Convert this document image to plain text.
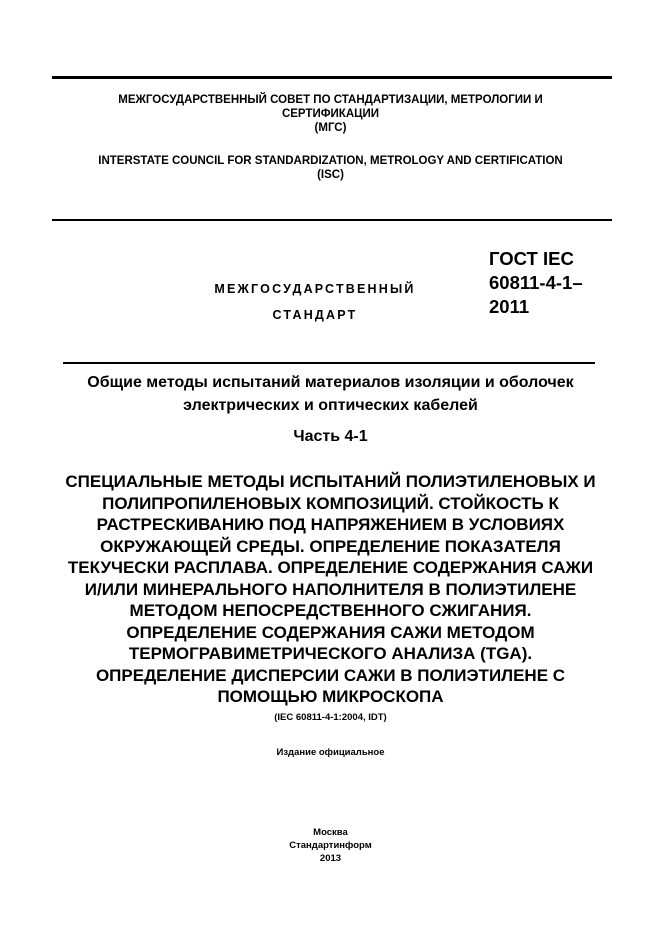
МЕЖГОСУДАРСТВЕННЫЙ СОВЕТ ПО СТАНДАРТИЗАЦИИ, МЕТРОЛОГИИ И
СЕРТИФИКАЦИИ
(МГС)
INTERSTATE COUNCIL FOR STANDARDIZATION, METROLOGY AND CERTIFICATION
(ISC)
МЕЖГОСУДАРСТВЕННЫЙ
СТАНДАРТ
ГОСТ IEC
60811-4-1–
2011
Общие методы испытаний материалов изоляции и оболочек
электрических и оптических кабелей
Часть 4-1
СПЕЦИАЛЬНЫЕ МЕТОДЫ ИСПЫТАНИЙ ПОЛИЭТИЛЕНОВЫХ И
ПОЛИПРОПИЛЕНОВЫХ КОМПОЗИЦИЙ. СТОЙКОСТЬ К
РАСТРЕСКИВАНИЮ ПОД НАПРЯЖЕНИЕМ В УСЛОВИЯХ
ОКРУЖАЮЩЕЙ СРЕДЫ. ОПРЕДЕЛЕНИЕ ПОКАЗАТЕЛЯ
ТЕКУЧЕСКИ РАСПЛАВА. ОПРЕДЕЛЕНИЕ СОДЕРЖАНИЯ САЖИ
И/ИЛИ МИНЕРАЛЬНОГО НАПОЛНИТЕЛЯ В ПОЛИЭТИЛЕНЕ
МЕТОДОМ НЕПОСРЕДСТВЕННОГО СЖИГАНИЯ.
ОПРЕДЕЛЕНИЕ СОДЕРЖАНИЯ САЖИ МЕТОДОМ
ТЕРМОГРАВИМЕТРИЧЕСКОГО АНАЛИЗА (TGA).
ОПРЕДЕЛЕНИЕ ДИСПЕРСИИ САЖИ В ПОЛИЭТИЛЕНЕ С
ПОМОЩЬЮ МИКРОСКОПА
(IEC 60811-4-1:2004, IDT)
Издание официальное
Москва
Стандартинформ
2013
